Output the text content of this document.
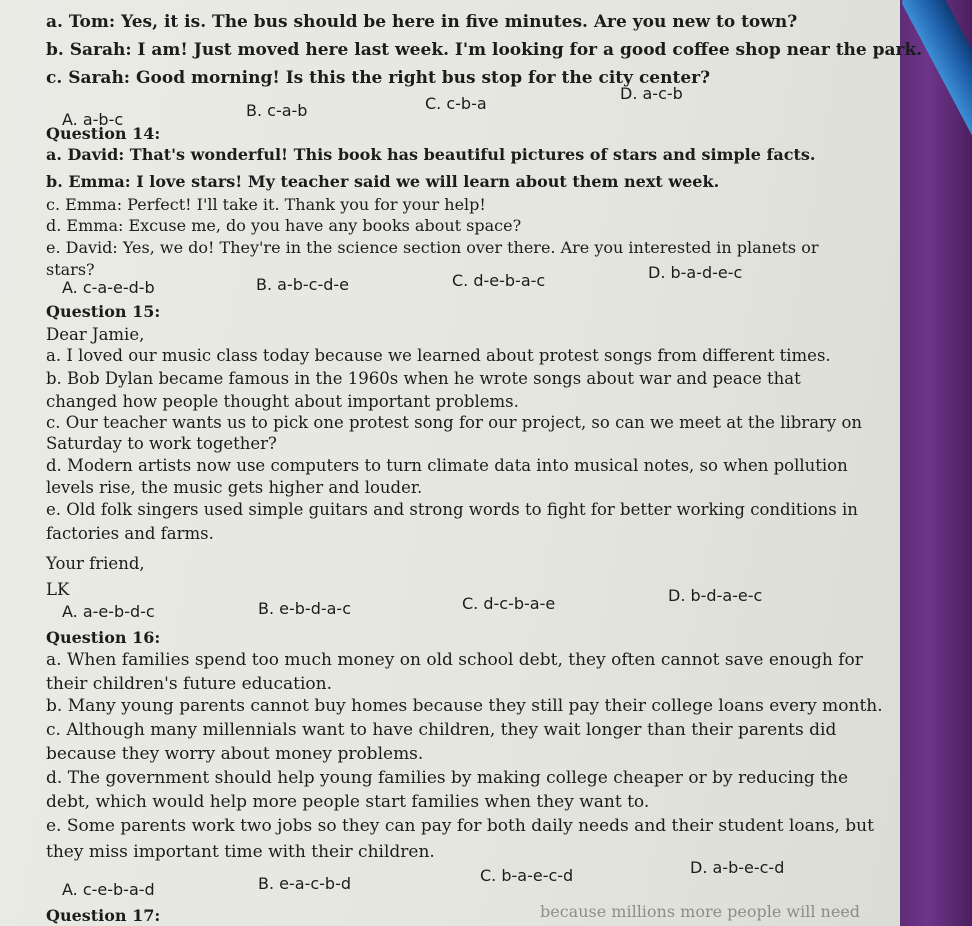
a. Tom: Yes, it is. The bus should be here in five minutes. Are you new to town?
b. Sarah: I am! Just moved here last week. I'm looking for a good coffee shop near the park.
c. Sarah: Good morning! Is this the right bus stop for the city center?
A. a-b-c	B. c-a-b	C. c-b-a
D. a-c-b
Question 14:
a. David: That's wonderful! This book has beautiful pictures of stars and simple facts.
b. Emma: I love stars! My teacher said we will learn about them next week.
c. Emma: Perfect! I'll take it. Thank you for your help!
d. Emma: Excuse me, do you have any books about space?
e. David: Yes, we do! They're in the science section over there. Are you interested in planets or
stars?
A. c-a-e-d-b	B. a-b-c-d-e	C. d-e-b-a-c	D. b-a-d-e-c
Question 15:
Dear Jamie,
a. I loved our music class today because we learned about protest songs from different times.
b. Bob Dylan became famous in the 1960s when he wrote songs about war and peace that
changed how people thought about important problems.
c. Our teacher wants us to pick one protest song for our project, so can we meet at the library on
Saturday to work together?
d. Modern artists now use computers to turn climate data into musical notes, so when pollution
levels rise, the music gets higher and louder.
e. Old folk singers used simple guitars and strong words to fight for better working conditions in
factories and farms.
Your friend,
LK
A. a-e-b-d-c	B. e-b-d-a-c	C. d-c-b-a-e	D. b-d-a-e-c
Question 16:
a. When families spend too much money on old school debt, they often cannot save enough for
their children's future education.
b. Many young parents cannot buy homes because they still pay their college loans every month.
c. Although many millennials want to have children, they wait longer than their parents did
because they worry about money problems.
d. The government should help young families by making college cheaper or by reducing the
debt, which would help more people start families when they want to.
e. Some parents work two jobs so they can pay for both daily needs and their student loans, but
they miss important time with their children.
A. c-e-b-a-d	B. e-a-c-b-d	C. b-a-e-c-d	D. a-b-e-c-d
Question 17:	because millions more people will need
